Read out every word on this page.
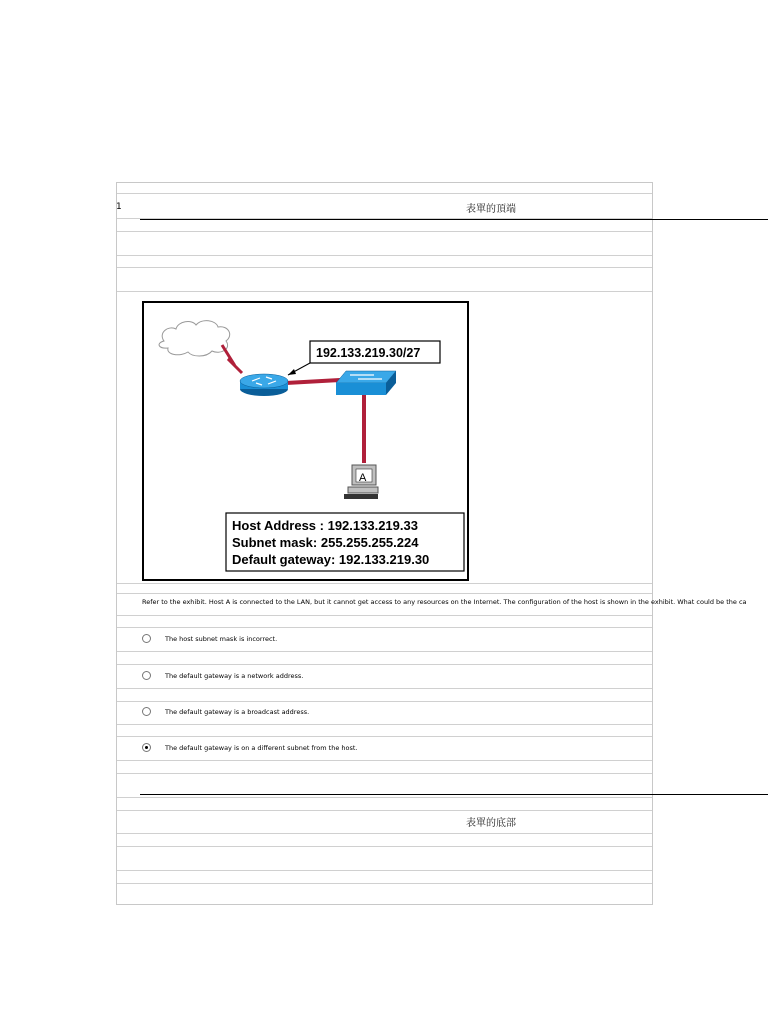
1	表單的頂端
192.133.219.30/27
A
Host Address : 192.133.219.33
Subnet mask: 255.255.255.224
Default gateway: 192.133.219.30
Refer to the exhibit. Host A is connected to the LAN, but it cannot get access to any resources on the Internet. The configuration of the host is shown in the exhibit. What could be the ca
The host subnet mask is incorrect.
The default gateway is a network address.
The default gateway is a broadcast address.
The default gateway is on a different subnet from the host.
表單的底部
